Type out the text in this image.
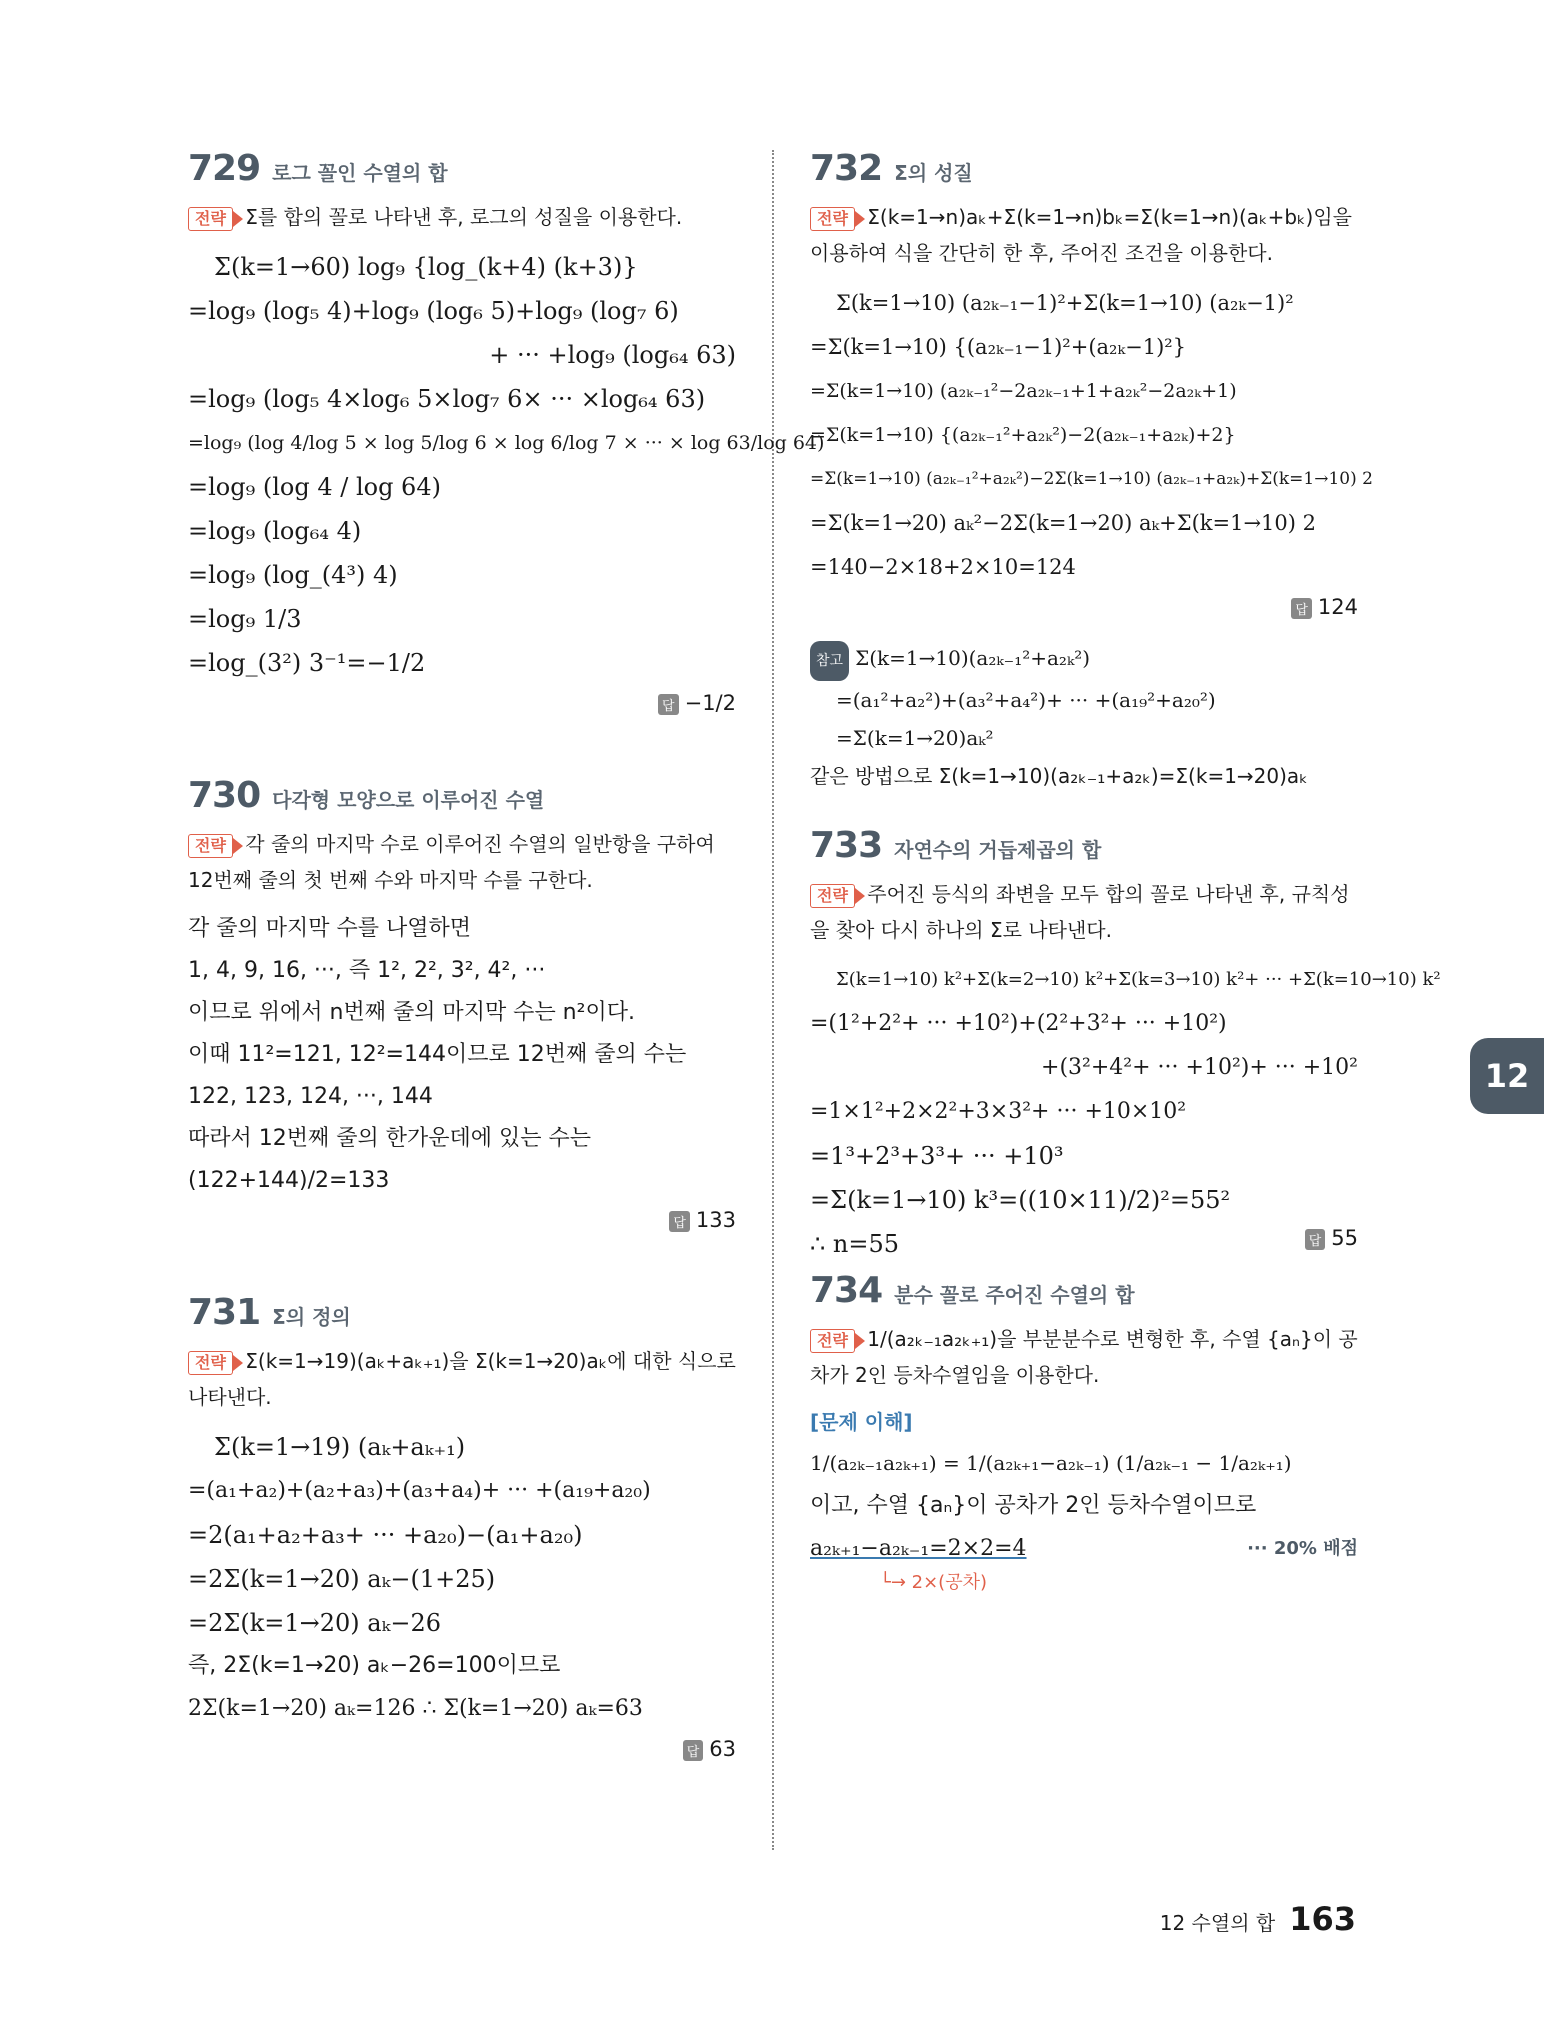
729 로그 꼴인 수열의 합
전략 Σ를 합의 꼴로 나타낸 후, 로그의 성질을 이용한다.
Σ(k=1→60) log₉ {log_(k+4) (k+3)}
=log₉ (log₅ 4)+log₉ (log₆ 5)+log₉ (log₇ 6)
+ ··· +log₉ (log₆₄ 63)
=log₉ (log₅ 4×log₆ 5×log₇ 6× ··· ×log₆₄ 63)
=log₉ (log 4/log 5 × log 5/log 6 × log 6/log 7 × ··· × log 63/log 64)
=log₉ (log 4 / log 64)
=log₉ (log₆₄ 4)
=log₉ (log_(4³) 4)
=log₉ 1/3
=log_(3²) 3⁻¹=−1/2
답 −1/2
730 다각형 모양으로 이루어진 수열
전략 각 줄의 마지막 수로 이루어진 수열의 일반항을 구하여 12번째 줄의 첫 번째 수와 마지막 수를 구한다.
각 줄의 마지막 수를 나열하면
1, 4, 9, 16, ···, 즉 1², 2², 3², 4², ···
이므로 위에서 n번째 줄의 마지막 수는 n²이다.
이때 11²=121, 12²=144이므로 12번째 줄의 수는
122, 123, 124, ···, 144
따라서 12번째 줄의 한가운데에 있는 수는
(122+144)/2=133
답 133
731 Σ의 정의
전략 Σ(k=1→19)(aₖ+aₖ₊₁)을 Σ(k=1→20)aₖ에 대한 식으로 나타낸다.
Σ(k=1→19) (aₖ+aₖ₊₁)
=(a₁+a₂)+(a₂+a₃)+(a₃+a₄)+ ··· +(a₁₉+a₂₀)
=2(a₁+a₂+a₃+ ··· +a₂₀)−(a₁+a₂₀)
=2Σ(k=1→20) aₖ−(1+25)
=2Σ(k=1→20) aₖ−26
즉, 2Σ(k=1→20) aₖ−26=100이므로
2Σ(k=1→20) aₖ=126 ∴ Σ(k=1→20) aₖ=63
답 63
732 Σ의 성질
전략 Σ(k=1→n)aₖ+Σ(k=1→n)bₖ=Σ(k=1→n)(aₖ+bₖ)임을 이용하여 식을 간단히 한 후, 주어진 조건을 이용한다.
Σ(k=1→10) (a₂ₖ₋₁−1)²+Σ(k=1→10) (a₂ₖ−1)²
=Σ(k=1→10) {(a₂ₖ₋₁−1)²+(a₂ₖ−1)²}
=Σ(k=1→10) (a₂ₖ₋₁²−2a₂ₖ₋₁+1+a₂ₖ²−2a₂ₖ+1)
=Σ(k=1→10) {(a₂ₖ₋₁²+a₂ₖ²)−2(a₂ₖ₋₁+a₂ₖ)+2}
=Σ(k=1→10) (a₂ₖ₋₁²+a₂ₖ²)−2Σ(k=1→10) (a₂ₖ₋₁+a₂ₖ)+Σ(k=1→10) 2
=Σ(k=1→20) aₖ²−2Σ(k=1→20) aₖ+Σ(k=1→10) 2
=140−2×18+2×10=124
답 124
참고 Σ(k=1→10)(a₂ₖ₋₁²+a₂ₖ²)
=(a₁²+a₂²)+(a₃²+a₄²)+ ··· +(a₁₉²+a₂₀²)
=Σ(k=1→20)aₖ²
같은 방법으로 Σ(k=1→10)(a₂ₖ₋₁+a₂ₖ)=Σ(k=1→20)aₖ
733 자연수의 거듭제곱의 합
전략 주어진 등식의 좌변을 모두 합의 꼴로 나타낸 후, 규칙성을 찾아 다시 하나의 Σ로 나타낸다.
Σ(k=1→10) k²+Σ(k=2→10) k²+Σ(k=3→10) k²+ ··· +Σ(k=10→10) k²
=(1²+2²+ ··· +10²)+(2²+3²+ ··· +10²)
+(3²+4²+ ··· +10²)+ ··· +10²
=1×1²+2×2²+3×3²+ ··· +10×10²
=1³+2³+3³+ ··· +10³
=Σ(k=1→10) k³=((10×11)/2)²=55²
∴ n=55	답 55
734 분수 꼴로 주어진 수열의 합
전략 1/(a₂ₖ₋₁a₂ₖ₊₁)을 부분분수로 변형한 후, 수열 {aₙ}이 공차가 2인 등차수열임을 이용한다.
[문제 이해]
1/(a₂ₖ₋₁a₂ₖ₊₁) = 1/(a₂ₖ₊₁−a₂ₖ₋₁) (1/a₂ₖ₋₁ − 1/a₂ₖ₊₁)
이고, 수열 {aₙ}이 공차가 2인 등차수열이므로
a₂ₖ₊₁−a₂ₖ₋₁=2×2=4	··· 20% 배점
└→ 2×(공차)
12
12 수열의 합 163
